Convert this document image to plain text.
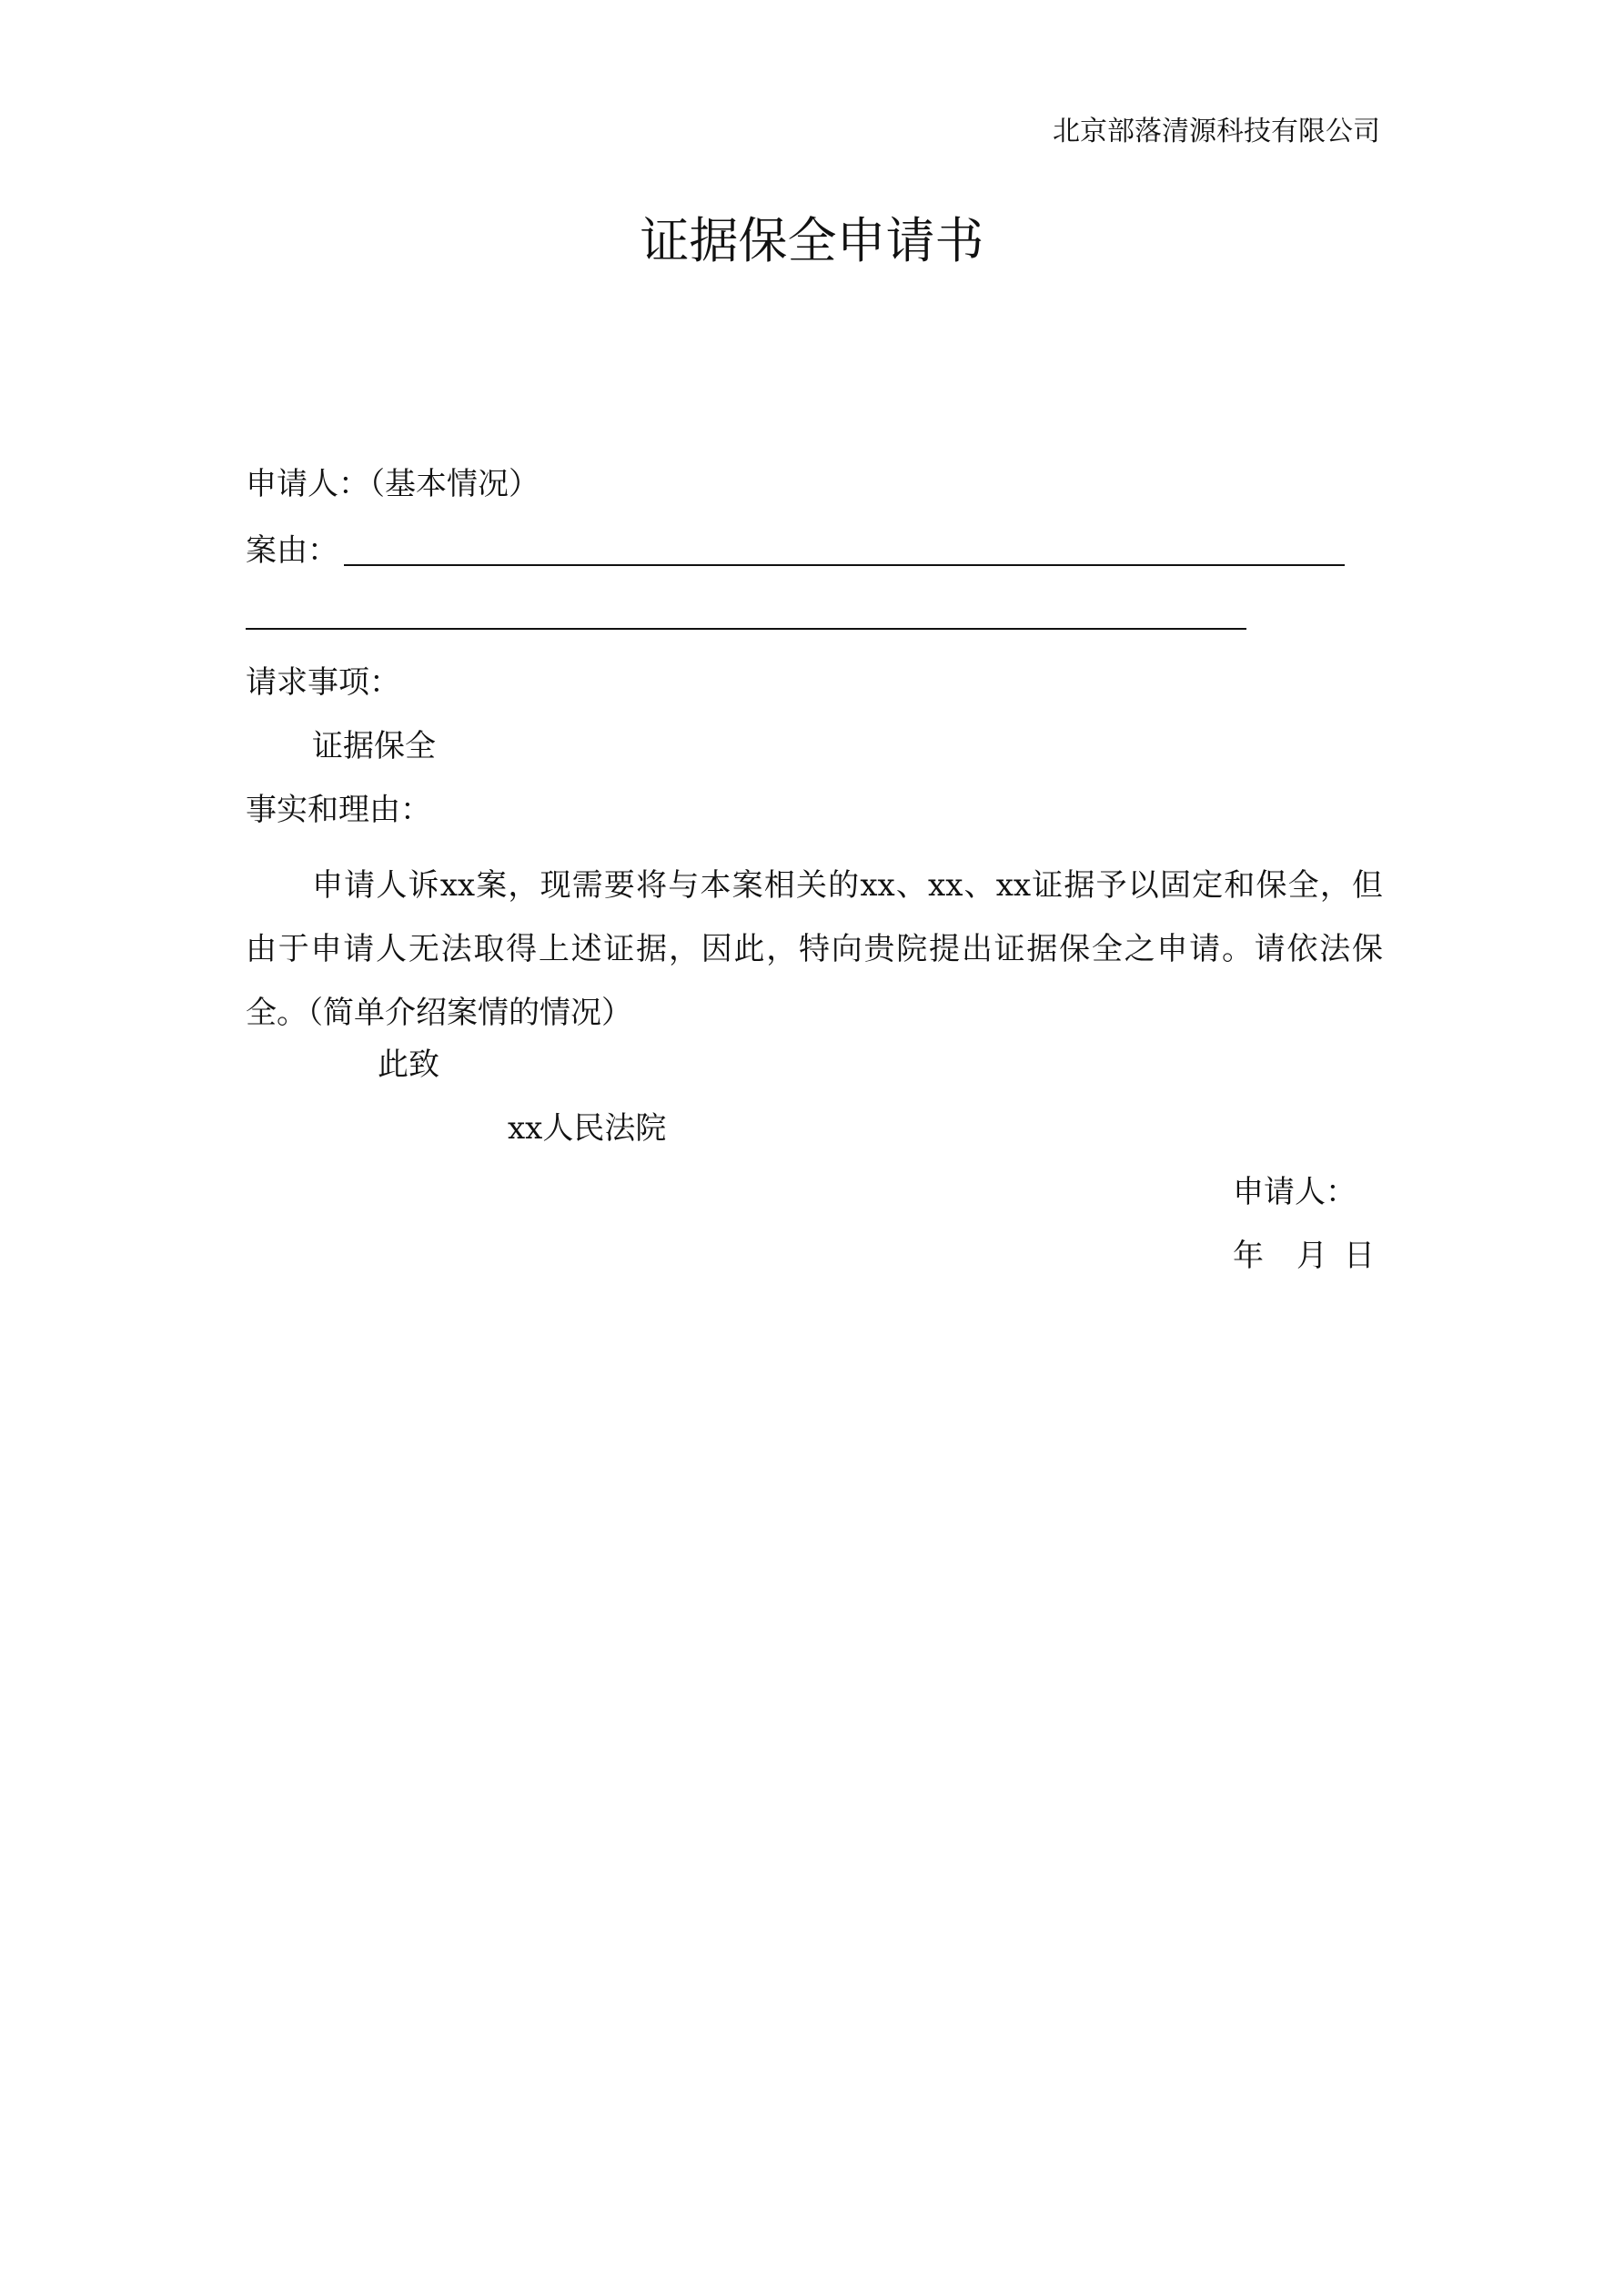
北京部落清源科技有限公司
证据保全申请书
申请人：（基本情况）
案由：
请求事项：
证据保全
事实和理由：
申请人诉xx案，现需要将与本案相关的xx、xx、xx证据予以固定和保全，但
由于申请人无法取得上述证据，因此，特向贵院提出证据保全之申请。请依法保
全。（简单介绍案情的情况）
此致
xx人民法院
申请人：
年 月 日
